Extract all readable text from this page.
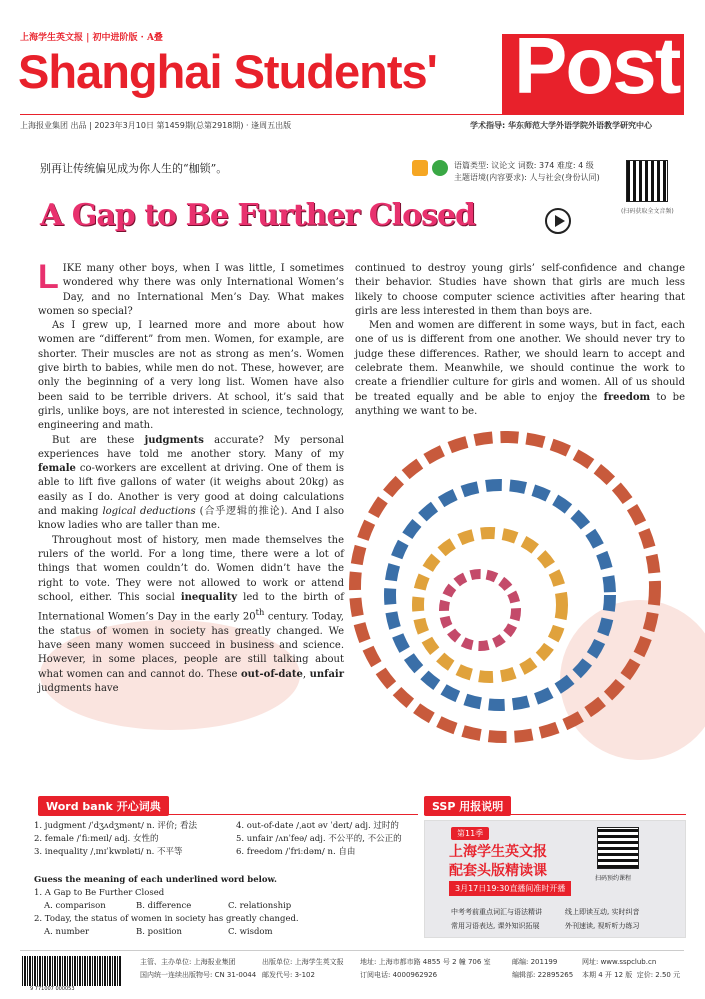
上海学生英文报 | 初中进阶版 · A叠
Shanghai Students' Post
上海报业集团 出品 | 2023年3月10日 第1459期(总第2918期) · 逢周五出版	学术指导: 华东师范大学外语学院外语教学研究中心
别再让传统偏见成为你人生的“枷锁”。	语篇类型: 议论文 词数: 374 难度: 4 级
主题语境(内容要求): 人与社会(身份认同)
(扫码获取全文音频)
A Gap to Be Further Closed

LIKE many other boys, when I was little, I sometimes wondered why there was only International Women’s Day, and no International Men’s Day. What makes women so special?

As I grew up, I learned more and more about how women are “different” from men. Women, for example, are shorter. Their muscles are not as strong as men’s. Women give birth to babies, while men do not. These, however, are only the beginning of a very long list. Women have also been said to be terrible drivers. At school, it’s said that girls, unlike boys, are not interested in science, technology, engineering and math.

But are these judgments accurate? My personal experiences have told me another story. Many of my female co-workers are excellent at driving. One of them is able to lift five gallons of water (it weighs about 20kg) as easily as I do. Another is very good at doing calculations and making logical deductions (合乎逻辑的推论). And I also know ladies who are taller than me.

Throughout most of history, men made themselves the rulers of the world. For a long time, there were a lot of things that women couldn’t do. Women didn’t have the right to vote. They were not allowed to work or attend school, either. This social inequality led to the birth of International Women’s Day in the early 20th century. Today, the status of women in society has greatly changed. We have seen many women succeed in business and science. However, in some places, people are still talking about what women can and cannot do. These out-of-date, unfair judgments have

continued to destroy young girls’ self-confidence and change their behavior. Studies have shown that girls are much less likely to choose computer science activities after hearing that girls are less interested in them than boys are.

Men and women are different in some ways, but in fact, each one of us is different from one another. We should never try to judge these differences. Rather, we should learn to accept and celebrate them. Meanwhile, we should continue the work to create a friendlier culture for girls and women. All of us should be treated equally and be able to enjoy the freedom to be anything we want to be.

Word bank 开心词典
1. judgment /ˈdʒʌdʒmənt/ n. 评价; 看法
2. female /ˈfiːmeɪl/ adj. 女性的
3. inequality /ˌɪnɪˈkwɒləti/ n. 不平等
4. out-of-date /ˌaʊt əv ˈdeɪt/ adj. 过时的
5. unfair /ʌnˈfeə/ adj. 不公平的, 不公正的
6. freedom /ˈfriːdəm/ n. 自由
Guess the meaning of each underlined word below.
1. A Gap to Be Further Closed
A. comparison	B. difference	C. relationship
2. Today, the status of women in society has greatly changed.
A. number	B. position	C. wisdom
SSP 用报说明
第11季
上海学生英文报
配套头版精读课
3月17日19:30直播间准时开播
扫码预约课程
中考考前重点词汇与语法精讲	线上即读互动, 实时纠音
常用习语表达, 课外知识拓展	外刊速读, 视听听力练习
9 771007 000053
主管、主办单位: 上海报业集团
国内统一连续出版物号: CN 31-0044
出版单位: 上海学生英文报
邮发代号: 3-102
地址: 上海市都市路 4855 号 2 幢 706 室
订阅电话: 4000962926
邮编: 201199
编辑部: 22895265
网址: www.sspclub.cn
本期 4 开 12 版 定价: 2.50 元
